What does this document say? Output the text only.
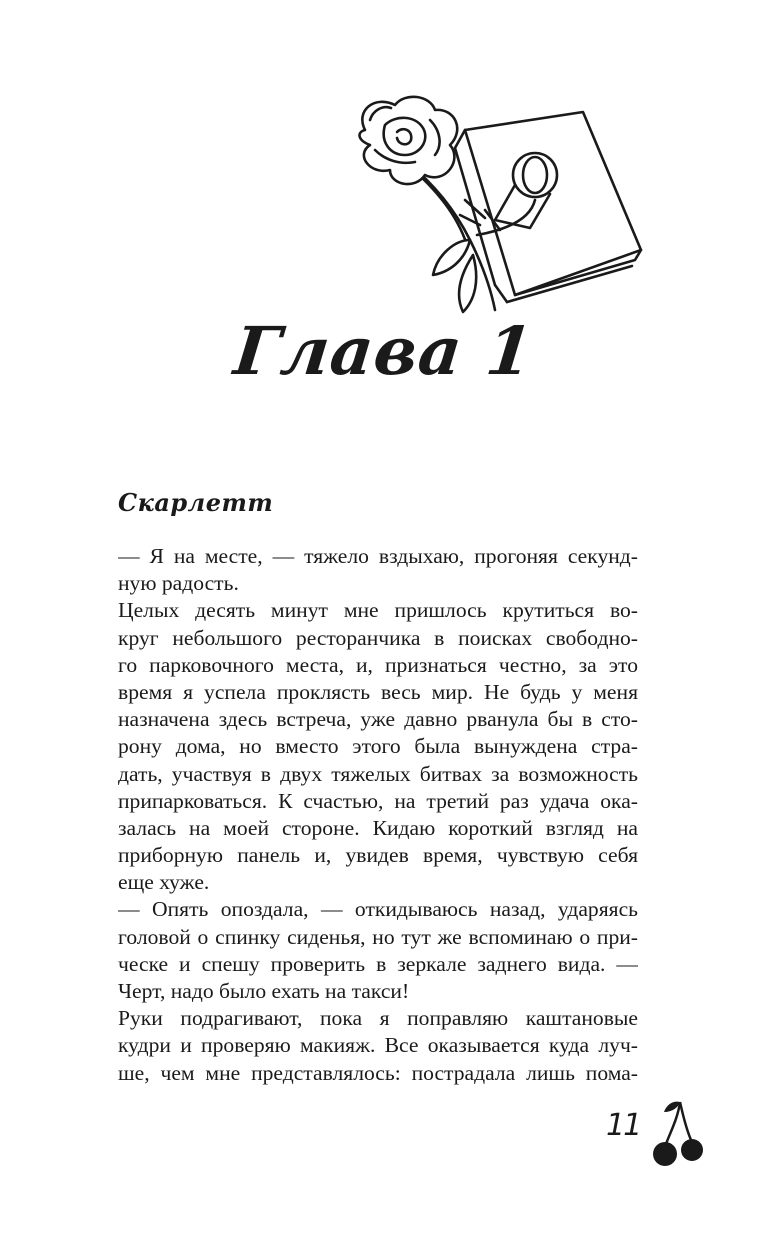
Глава 1
Скарлетт
— Я на месте, — тяжело вздыхаю, прогоняя секунд-
ную радость.
Целых десять минут мне пришлось крутиться во-
круг небольшого ресторанчика в поисках свободно-
го парковочного места, и, признаться честно, за это
время я успела проклясть весь мир. Не будь у меня
назначена здесь встреча, уже давно рванула бы в сто-
рону дома, но вместо этого была вынуждена стра-
дать, участвуя в двух тяжелых битвах за возможность
припарковаться. К счастью, на третий раз удача ока-
залась на моей стороне. Кидаю короткий взгляд на
приборную панель и, увидев время, чувствую себя
еще хуже.
— Опять опоздала, — откидываюсь назад, ударяясь
головой о спинку сиденья, но тут же вспоминаю о при-
ческе и спешу проверить в зеркале заднего вида. —
Черт, надо было ехать на такси!
Руки подрагивают, пока я поправляю каштановые
кудри и проверяю макияж. Все оказывается куда луч-
ше, чем мне представлялось: пострадала лишь пома-
11
